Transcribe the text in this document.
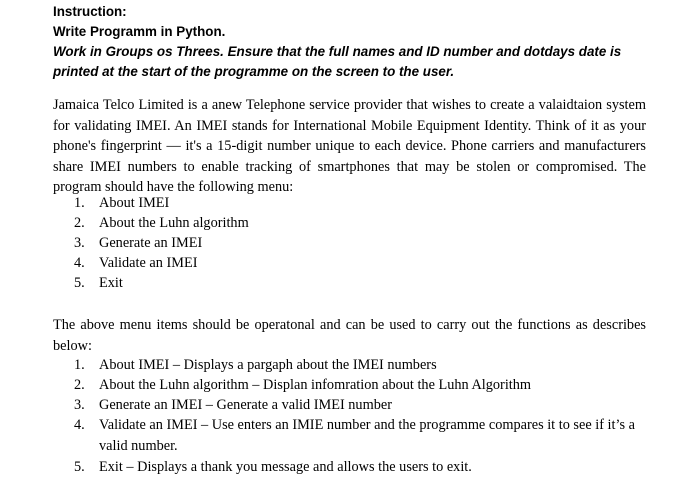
Instruction:
Write Programm in Python.
Work in Groups os Threes. Ensure that the full names and ID number and dotdays date is
printed at the start of the programme on the screen to the user.

Jamaica Telco Limited is a anew Telephone service provider that wishes to create a valaidtaion system for validating IMEI. An IMEI stands for International Mobile Equipment Identity. Think of it as your phone's fingerprint — it's a 15-digit number unique to each device. Phone carriers and manufacturers share IMEI numbers to enable tracking of smartphones that may be stolen or compromised. The program should have the following menu:

1. About IMEI
2. About the Luhn algorithm
3. Generate an IMEI
4. Validate an IMEI
5. Exit

The above menu items should be operatonal and can be used to carry out the functions as describes below:

1. About IMEI – Displays a pargaph about the IMEI numbers
2. About the Luhn algorithm – Displan infomration about the Luhn Algorithm
3. Generate an IMEI – Generate a valid IMEI number
4. Validate an IMEI – Use enters an IMIE number and the programme compares it to see if it’s a valid number.
5. Exit – Displays a thank you message and allows the users to exit.
